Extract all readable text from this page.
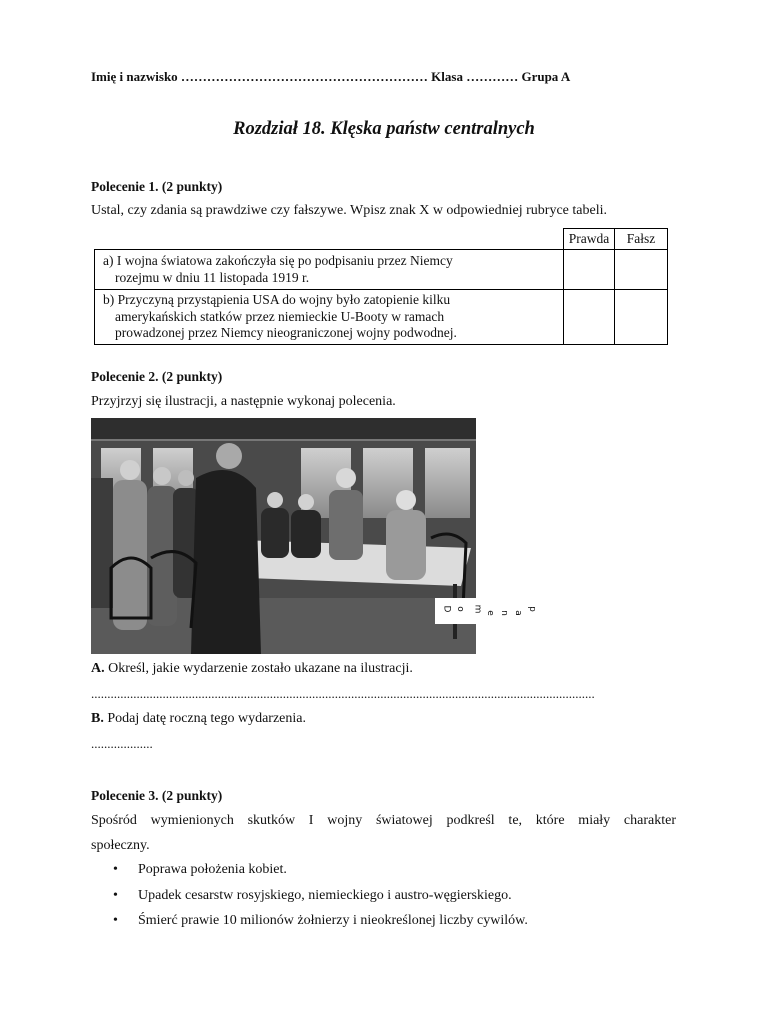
Imię i nazwisko ………………………………………………… Klasa ………… Grupa A
Rozdział 18. Klęska państw centralnych
Polecenie 1. (2 punkty)
Ustal, czy zdania są prawdziwe czy fałszywe. Wpisz znak X w odpowiedniej rubryce tabeli.
	Prawda	Fałsz
a) I wojna światowa zakończyła się po podpisaniu przez Niemcy
rozejmu w dniu 11 listopada 1919 r.		

b) Przyczyną przystąpienia USA do wojny było zatopienie kilku
amerykańskich statków przez niemieckie U-Booty w ramach
prowadzonej przez Niemcy nieograniczonej wojny podwodnej.		

Polecenie 2. (2 punkty)
Przyjrzyj się ilustracji, a następnie wykonaj polecenia.
D o m e n a
p
A. Określ, jakie wydarzenie zostało ukazane na ilustracji.
...........................................................................................................................................................
B. Podaj datę roczną tego wydarzenia.
...................
Polecenie 3. (2 punkty)
Spośród wymienionych skutków I wojny światowej podkreśl te, które miały charakter
społeczny.
• Poprawa położenia kobiet.
• Upadek cesarstw rosyjskiego, niemieckiego i austro-węgierskiego.
• Śmierć prawie 10 milionów żołnierzy i nieokreślonej liczby cywilów.
